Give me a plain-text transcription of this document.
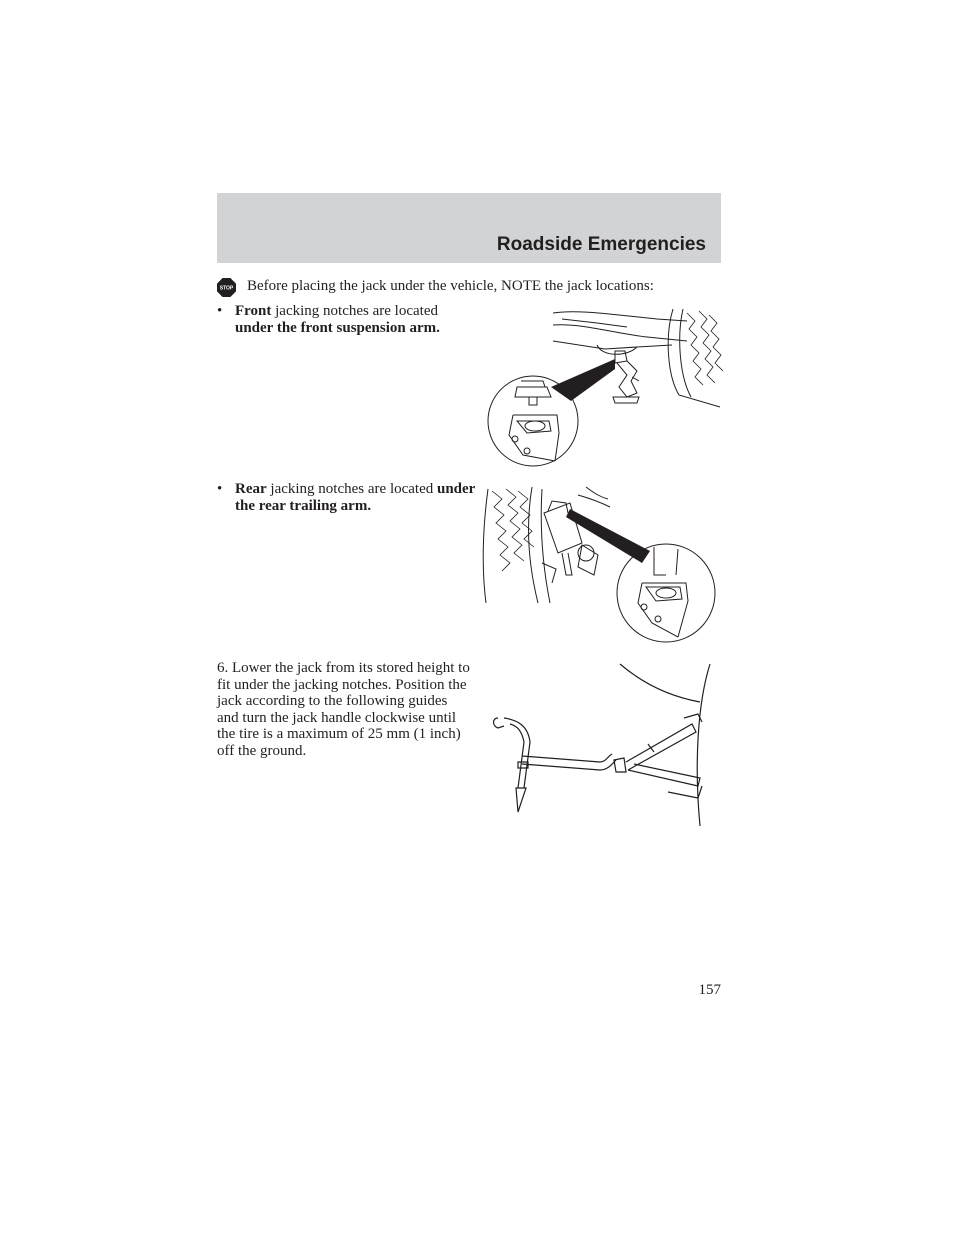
Roadside Emergencies
STOP Before placing the jack under the vehicle, NOTE the jack locations:
• Front jacking notches are located under the front suspension arm.
• Rear jacking notches are located under the rear trailing arm.
6. Lower the jack from its stored height to fit under the jacking notches. Position the jack according to the following guides and turn the jack handle clockwise until the tire is a maximum of 25 mm (1 inch) off the ground.
157
